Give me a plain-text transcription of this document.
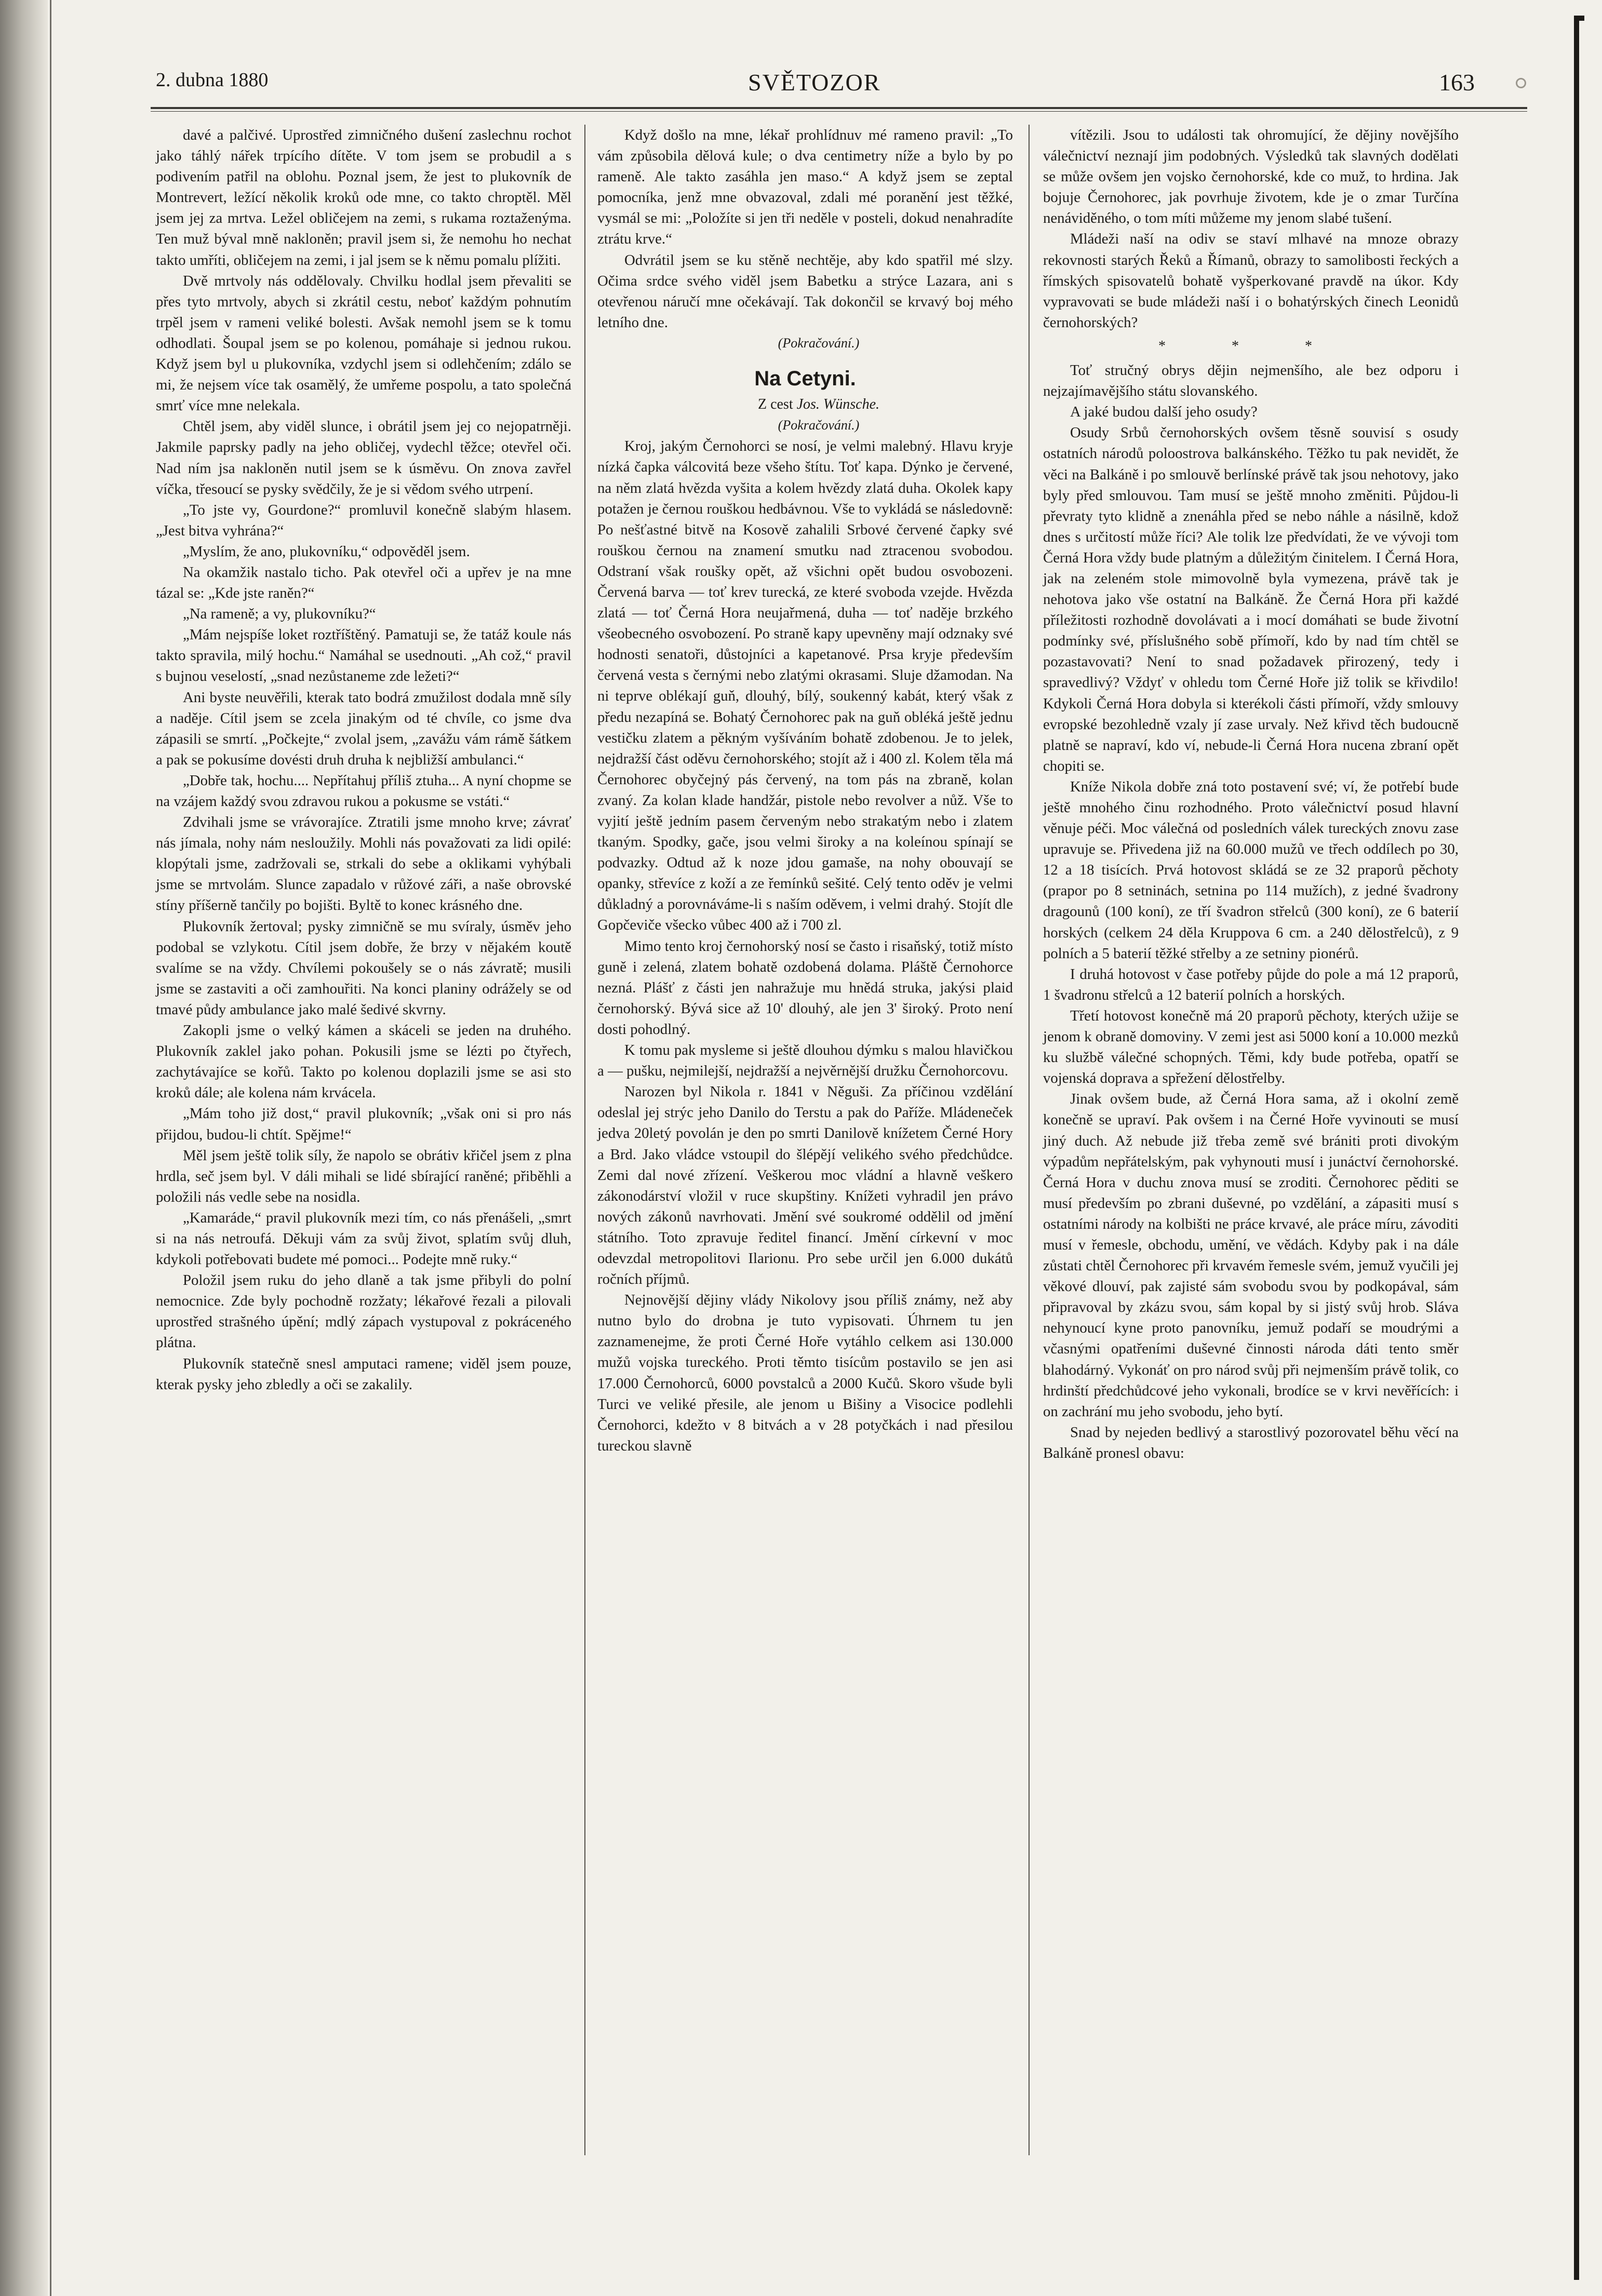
2. dubna 1880	SVĚTOZOR	163

davé a palčivé. Uprostřed zimničného dušení zaslechnu rochot jako táhlý nářek trpícího dítěte. V tom jsem se probudil a s podivením patřil na oblohu. Poznal jsem, že jest to plukovník de Montrevert, ležící několik kroků ode mne, co takto chroptěl. Měl jsem jej za mrtva. Ležel obličejem na zemi, s rukama roztaženýma. Ten muž býval mně nakloněn; pravil jsem si, že nemohu ho nechat takto umříti, obličejem na zemi, i jal jsem se k němu pomalu plížiti.

Dvě mrtvoly nás oddělovaly. Chvilku hodlal jsem převaliti se přes tyto mrtvoly, abych si zkrátil cestu, neboť každým pohnutím trpěl jsem v rameni veliké bolesti. Avšak nemohl jsem se k tomu odhodlati. Šoupal jsem se po kolenou, pomáhaje si jednou rukou. Když jsem byl u plukovníka, vzdychl jsem si odlehčením; zdálo se mi, že nejsem více tak osamělý, že umřeme pospolu, a tato společná smrť více mne nelekala.

Chtěl jsem, aby viděl slunce, i obrátil jsem jej co nejopatrněji. Jakmile paprsky padly na jeho obličej, vydechl těžce; otevřel oči. Nad ním jsa nakloněn nutil jsem se k úsměvu. On znova zavřel víčka, třesoucí se pysky svědčily, že je si vědom svého utrpení.

„To jste vy, Gourdone?“ promluvil konečně slabým hlasem. „Jest bitva vyhrána?“

„Myslím, že ano, plukovníku,“ odpověděl jsem.

Na okamžik nastalo ticho. Pak otevřel oči a upřev je na mne tázal se: „Kde jste raněn?“

„Na rameně; a vy, plukovníku?“

„Mám nejspíše loket roztříštěný. Pamatuji se, že tatáž koule nás takto spravila, milý hochu.“ Namáhal se usednouti. „Ah což,“ pravil s bujnou veselostí, „snad nezůstaneme zde ležeti?“

Ani byste neuvěřili, kterak tato bodrá zmužilost dodala mně síly a naděje. Cítil jsem se zcela jinakým od té chvíle, co jsme dva zápasili se smrtí. „Počkejte,“ zvolal jsem, „zavážu vám rámě šátkem a pak se pokusíme dovésti druh druha k nejbližší ambulanci.“

„Dobře tak, hochu.... Nepřítahuj příliš ztuha... A nyní chopme se na vzájem každý svou zdravou rukou a pokusme se vstáti.“

Zdvihali jsme se vrávorajíce. Ztratili jsme mnoho krve; závrať nás jímala, nohy nám nesloužily. Mohli nás považovati za lidi opilé: klopýtali jsme, zadržovali se, strkali do sebe a oklikami vyhýbali jsme se mrtvolám. Slunce zapadalo v růžové záři, a naše obrovské stíny příšerně tančily po bojišti. Byltě to konec krásného dne.

Plukovník žertoval; pysky zimničně se mu svíraly, úsměv jeho podobal se vzlykotu. Cítil jsem dobře, že brzy v nějakém koutě svalíme se na vždy. Chvílemi pokoušely se o nás závratě; musili jsme se zastaviti a oči zamhouřiti. Na konci planiny odrážely se od tmavé půdy ambulance jako malé šedivé skvrny.

Zakopli jsme o velký kámen a skáceli se jeden na druhého. Plukovník zaklel jako pohan. Pokusili jsme se lézti po čtyřech, zachytávajíce se kořů. Takto po kolenou doplazili jsme se asi sto kroků dále; ale kolena nám krvácela.

„Mám toho již dost,“ pravil plukovník; „však oni si pro nás přijdou, budou-li chtít. Spějme!“

Měl jsem ještě tolik síly, že napolo se obrátiv křičel jsem z plna hrdla, seč jsem byl. V dáli mihali se lidé sbírající raněné; přiběhli a položili nás vedle sebe na nosidla.

„Kamaráde,“ pravil plukovník mezi tím, co nás přenášeli, „smrt si na nás netroufá. Děkuji vám za svůj život, splatím svůj dluh, kdykoli potřebovati budete mé pomoci... Podejte mně ruky.“

Položil jsem ruku do jeho dlaně a tak jsme přibyli do polní nemocnice. Zde byly pochodně rozžaty; lékařové řezali a pilovali uprostřed strašného úpění; mdlý zápach vystupoval z pokráceného plátna.

Plukovník statečně snesl amputaci ramene; viděl jsem pouze, kterak pysky jeho zbledly a oči se zakalily.

Když došlo na mne, lékař prohlídnuv mé rameno pravil: „To vám způsobila dělová kule; o dva centimetry níže a bylo by po rameně. Ale takto zasáhla jen maso.“ A když jsem se zeptal pomocníka, jenž mne obvazoval, zdali mé poranění jest těžké, vysmál se mi: „Položíte si jen tři neděle v posteli, dokud nenahradíte ztrátu krve.“

Odvrátil jsem se ku stěně nechtěje, aby kdo spatřil mé slzy. Očima srdce svého viděl jsem Babetku a strýce Lazara, ani s otevřenou náručí mne očekávají. Tak dokončil se krvavý boj mého letního dne.

(Pokračování.)

Na Cetyni.

Z cest Jos. Wünsche.

(Pokračování.)

Kroj, jakým Černohorci se nosí, je velmi malebný. Hlavu kryje nízká čapka válcovitá beze všeho štítu. Toť kapa. Dýnko je červené, na něm zlatá hvězda vyšita a kolem hvězdy zlatá duha. Okolek kapy potažen je černou rouškou hedbávnou. Vše to vykládá se následovně: Po nešťastné bitvě na Kosově zahalili Srbové červené čapky své rouškou černou na znamení smutku nad ztracenou svobodou. Odstraní však roušky opět, až všichni opět budou osvobozeni. Červená barva — toť krev turecká, ze které svoboda vzejde. Hvězda zlatá — toť Černá Hora neujařmená, duha — toť naděje brzkého všeobecného osvobození. Po straně kapy upevněny mají odznaky své hodnosti senatoři, důstojníci a kapetanové. Prsa kryje především červená vesta s černými nebo zlatými okrasami. Sluje džamodan. Na ni teprve oblékají guň, dlouhý, bílý, soukenný kabát, který však z předu nezapíná se. Bohatý Černohorec pak na guň obléká ještě jednu vestičku zlatem a pěkným vyšíváním bohatě zdobenou. Je to jelek, nejdražší část oděvu černohorského; stojít až i 400 zl. Kolem těla má Černohorec obyčejný pás červený, na tom pás na zbraně, kolan zvaný. Za kolan klade handžár, pistole nebo revolver a nůž. Vše to vyjití ještě jedním pasem červeným nebo strakatým nebo i zlatem tkaným. Spodky, gače, jsou velmi široky a na koleínou spínají se podvazky. Odtud až k noze jdou gamaše, na nohy obouvají se opanky, střevíce z koží a ze řemínků sešité. Celý tento oděv je velmi důkladný a porovnáváme-li s naším oděvem, i velmi drahý. Stojít dle Gopčeviče všecko vůbec 400 až i 700 zl.

Mimo tento kroj černohorský nosí se často i risaňský, totiž místo guně i zelená, zlatem bohatě ozdobená dolama. Pláště Černohorce nezná. Plášť z části jen nahražuje mu hnědá struka, jakýsi plaid černohorský. Bývá sice až 10' dlouhý, ale jen 3' široký. Proto není dosti pohodlný.

K tomu pak mysleme si ještě dlouhou dýmku s malou hlavičkou a — pušku, nejmilejší, nejdražší a nejvěrnější družku Černohorcovu.

Narozen byl Nikola r. 1841 v Něguši. Za příčinou vzdělání odeslal jej strýc jeho Danilo do Terstu a pak do Paříže. Mládeneček jedva 20letý povolán je den po smrti Danilově knížetem Černé Hory a Brd. Jako vládce vstoupil do šlépějí velikého svého předchůdce. Zemi dal nové zřízení. Veškerou moc vládní a hlavně veškero zákonodárství vložil v ruce skupštiny. Knížeti vyhradil jen právo nových zákonů navrhovati. Jmění své soukromé oddělil od jmění státního. Toto zpravuje ředitel financí. Jmění církevní v moc odevzdal metropolitovi Ilarionu. Pro sebe určil jen 6.000 dukátů ročních příjmů.

Nejnovější dějiny vlády Nikolovy jsou příliš známy, než aby nutno bylo do drobna je tuto vypisovati. Úhrnem tu jen zaznamenejme, že proti Černé Hoře vytáhlo celkem asi 130.000 mužů vojska tureckého. Proti těmto tisícům postavilo se jen asi 17.000 Černohorců, 6000 povstalců a 2000 Kučů. Skoro všude byli Turci ve veliké přesile, ale jenom u Bišiny a Visocice podlehli Černohorci, kdežto v 8 bitvách a v 28 potyčkách i nad přesilou tureckou slavně

vítězili. Jsou to události tak ohromující, že dějiny novějšího válečnictví neznají jim podobných. Výsledků tak slavných dodělati se může ovšem jen vojsko černohorské, kde co muž, to hrdina. Jak bojuje Černohorec, jak povrhuje životem, kde je o zmar Turčína nenáviděného, o tom míti můžeme my jenom slabé tušení.

Mládeži naší na odiv se staví mlhavé na mnoze obrazy rekovnosti starých Řeků a Římanů, obrazy to samolibosti řeckých a římských spisovatelů bohatě vyšperkované pravdě na úkor. Kdy vypravovati se bude mládeži naší i o bohatýrských činech Leonidů černohorských?

* * *

Toť stručný obrys dějin nejmenšího, ale bez odporu i nejzajímavějšího státu slovanského.

A jaké budou další jeho osudy?

Osudy Srbů černohorských ovšem těsně souvisí s osudy ostatních národů poloostrova balkánského. Těžko tu pak nevidět, že věci na Balkáně i po smlouvě berlínské právě tak jsou nehotovy, jako byly před smlouvou. Tam musí se ještě mnoho změniti. Půjdou-li převraty tyto klidně a znenáhla před se nebo náhle a násilně, kdož dnes s určitostí může říci? Ale tolik lze předvídati, že ve vývoji tom Černá Hora vždy bude platným a důležitým činitelem. I Černá Hora, jak na zeleném stole mimovolně byla vymezena, právě tak je nehotova jako vše ostatní na Balkáně. Že Černá Hora při každé příležitosti rozhodně dovolávati a i mocí domáhati se bude životní podmínky své, příslušného sobě přímoří, kdo by nad tím chtěl se pozastavovati? Není to snad požadavek přirozený, tedy i spravedlivý? Vždyť v ohledu tom Černé Hoře již tolik se křivdilo! Kdykoli Černá Hora dobyla si kterékoli části přímoří, vždy smlouvy evropské bezohledně vzaly jí zase urvaly. Než křivd těch budoucně platně se napraví, kdo ví, nebude-li Černá Hora nucena zbraní opět chopiti se.

Kníže Nikola dobře zná toto postavení své; ví, že potřebí bude ještě mnohého činu rozhodného. Proto válečnictví posud hlavní věnuje péči. Moc válečná od posledních válek tureckých znovu zase upravuje se. Přivedena již na 60.000 mužů ve třech oddílech po 30, 12 a 18 tisících. Prvá hotovost skládá se ze 32 praporů pěchoty (prapor po 8 setninách, setnina po 114 mužích), z jedné švadrony dragounů (100 koní), ze tří švadron střelců (300 koní), ze 6 baterií horských (celkem 24 děla Kruppova 6 cm. a 240 dělostřelců), z 9 polních a 5 baterií těžké střelby a ze setniny pionérů.

I druhá hotovost v čase potřeby půjde do pole a má 12 praporů, 1 švadronu střelců a 12 baterií polních a horských.

Třetí hotovost konečně má 20 praporů pěchoty, kterých užije se jenom k obraně domoviny. V zemi jest asi 5000 koní a 10.000 mezků ku službě válečné schopných. Těmi, kdy bude potřeba, opatří se vojenská doprava a spřežení dělostřelby.

Jinak ovšem bude, až Černá Hora sama, až i okolní země konečně se upraví. Pak ovšem i na Černé Hoře vyvinouti se musí jiný duch. Až nebude již třeba země své brániti proti divokým výpadům nepřátelským, pak vyhynouti musí i junáctví černohorské. Černá Hora v duchu znova musí se zroditi. Černohorec pěditi se musí především po zbrani duševné, po vzdělání, a zápasiti musí s ostatními národy na kolbišti ne práce krvavé, ale práce míru, závoditi musí v řemesle, obchodu, umění, ve vědách. Kdyby pak i na dále zůstati chtěl Černohorec při krvavém řemesle svém, jemuž vyučili jej věkové dlouví, pak zajisté sám svobodu svou by podkopával, sám připravoval by zkázu svou, sám kopal by si jistý svůj hrob. Sláva nehynoucí kyne proto panovníku, jemuž podaří se moudrými a včasnými opatřeními duševné činnosti národa dáti tento směr blahodárný. Vykonáť on pro národ svůj při nejmenším právě tolik, co hrdinští předchůdcové jeho vykonali, brodíce se v krvi nevěřících: i on zachrání mu jeho svobodu, jeho bytí.

Snad by nejeden bedlivý a starostlivý pozorovatel běhu věcí na Balkáně pronesl obavu:
